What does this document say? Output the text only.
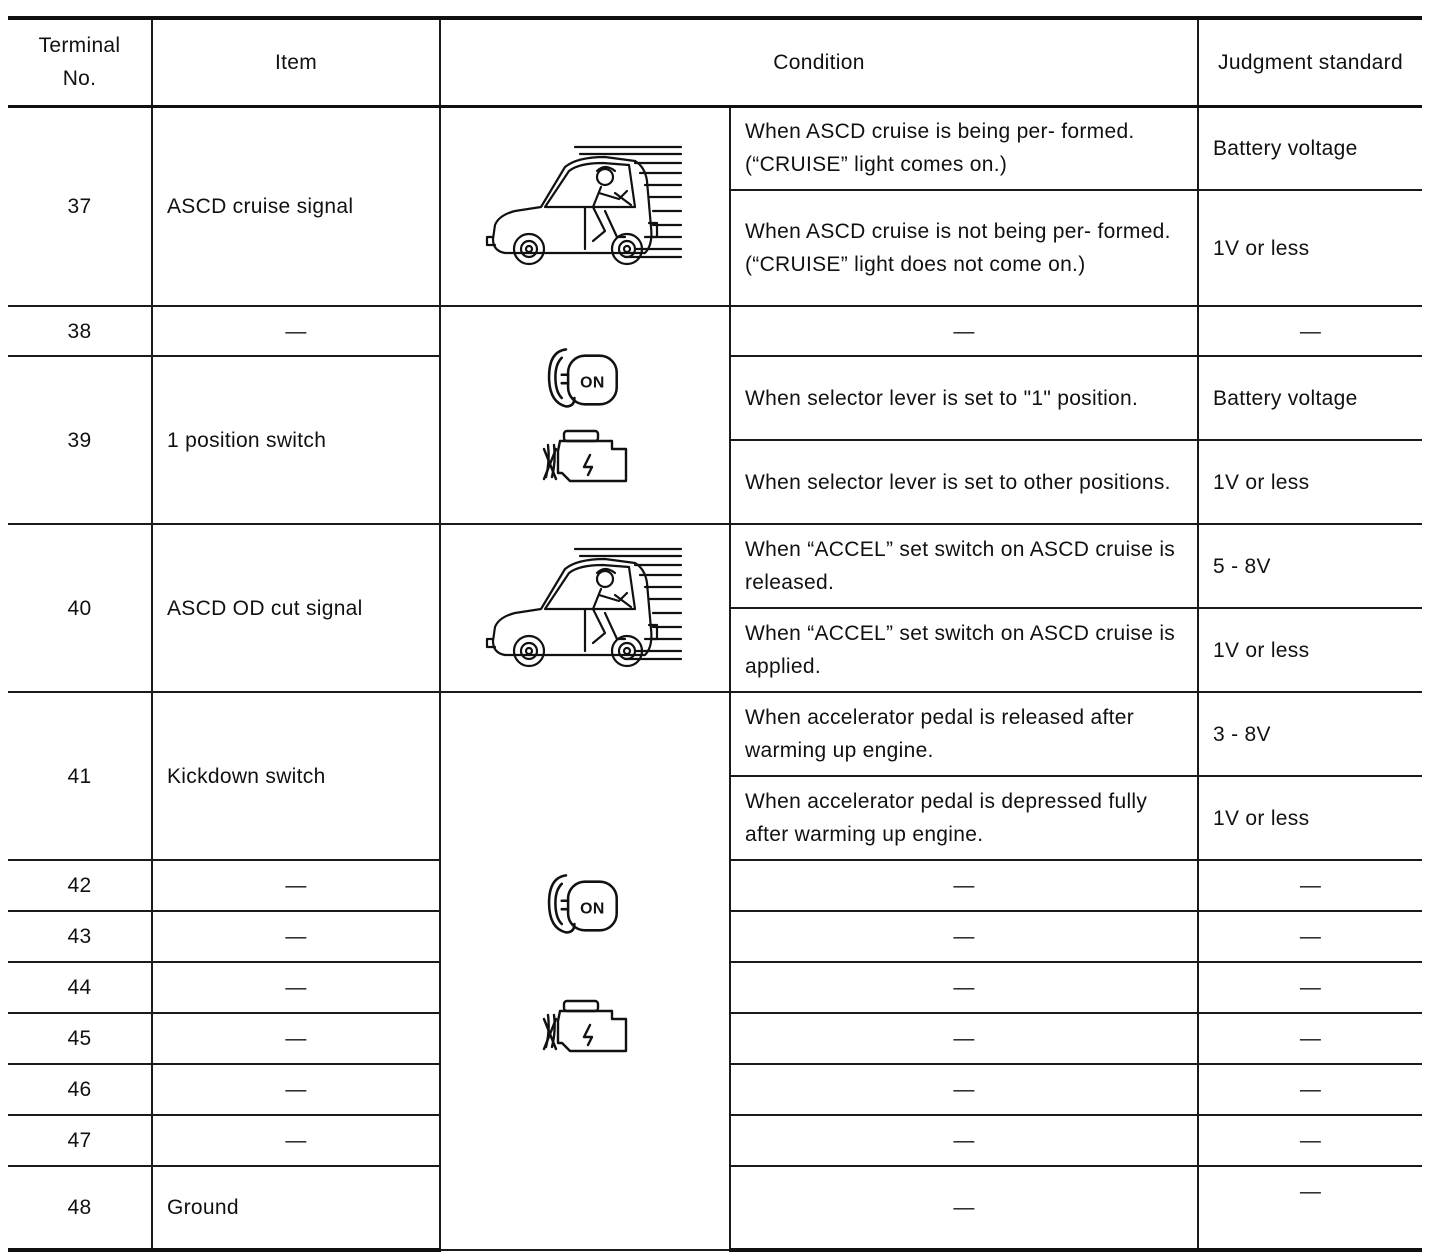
Terminal No.	Item	Condition		Judgment standard
37	ASCD cruise signal		When ASCD cruise is being per- formed. (“CRUISE” light comes on.)	Battery voltage
			When ASCD cruise is not being per- formed. (“CRUISE” light does not come on.)	1V or less
38	—		—	—
39	1 position switch		When selector lever is set to "1" position.	Battery voltage
			When selector lever is set to other positions.	1V or less
40	ASCD OD cut signal		When “ACCEL” set switch on ASCD cruise is released.	5 - 8V
			When “ACCEL” set switch on ASCD cruise is applied.	1V or less
41	Kickdown switch		When accelerator pedal is released after warming up engine.	3 - 8V
			When accelerator pedal is depressed fully after warming up engine.	1V or less
42	—		—	—
43	—		—	—
44	—		—	—
45	—		—	—
46	—		—	—
47	—		—	—
48	Ground		—	—
